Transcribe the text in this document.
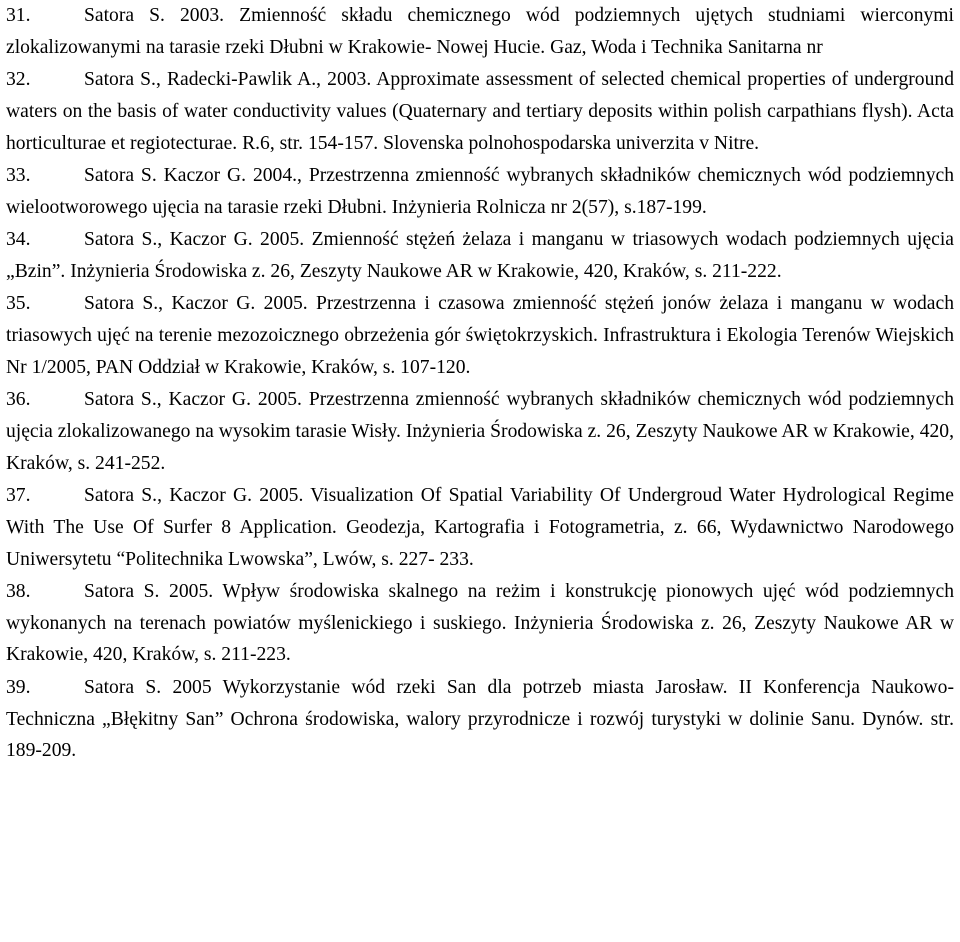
31.	Satora S. 2003. Zmienność składu chemicznego wód podziemnych ujętych studniami wierconymi zlokalizowanymi na tarasie rzeki Dłubni w Krakowie- Nowej Hucie. Gaz, Woda i Technika Sanitarna nr

32.	Satora S., Radecki-Pawlik A., 2003. Approximate assessment of selected chemical properties of underground waters on the basis of water conductivity values (Quaternary and tertiary deposits within polish carpathians flysh). Acta horticulturae et regiotecturae. R.6, str. 154-157. Slovenska polnohospodarska univerzita v Nitre.

33.	Satora S. Kaczor G. 2004., Przestrzenna zmienność wybranych składników chemicznych wód podziemnych wielootworowego ujęcia na tarasie rzeki Dłubni. Inżynieria Rolnicza nr 2(57), s.187-199.

34.	Satora S., Kaczor G. 2005. Zmienność stężeń żelaza i manganu w triasowych wodach podziemnych ujęcia „Bzin”. Inżynieria Środowiska z. 26, Zeszyty Naukowe AR w Krakowie, 420, Kraków, s. 211-222.

35.	Satora S., Kaczor G. 2005. Przestrzenna i czasowa zmienność stężeń jonów żelaza i manganu w wodach triasowych ujęć na terenie mezozoicznego obrzeżenia gór świętokrzyskich. Infrastruktura i Ekologia Terenów Wiejskich Nr 1/2005, PAN Oddział w Krakowie, Kraków, s. 107-120.

36.	Satora S., Kaczor G. 2005. Przestrzenna zmienność wybranych składników chemicznych wód podziemnych ujęcia zlokalizowanego na wysokim tarasie Wisły. Inżynieria Środowiska z. 26, Zeszyty Naukowe AR w Krakowie, 420, Kraków, s. 241-252.

37.	Satora S., Kaczor G. 2005. Visualization Of Spatial Variability Of Undergroud Water Hydrological Regime With The Use Of Surfer 8 Application. Geodezja, Kartografia i Fotogrametria, z. 66, Wydawnictwo Narodowego Uniwersytetu “Politechnika Lwowska”, Lwów, s. 227- 233.

38.	Satora S. 2005. Wpływ środowiska skalnego na reżim i konstrukcję pionowych ujęć wód podziemnych wykonanych na terenach powiatów myślenickiego i suskiego. Inżynieria Środowiska z. 26, Zeszyty Naukowe AR w Krakowie, 420, Kraków, s. 211-223.

39.	Satora S. 2005 Wykorzystanie wód rzeki San dla potrzeb miasta Jarosław. II Konferencja Naukowo-Techniczna „Błękitny San” Ochrona środowiska, walory przyrodnicze i rozwój turystyki w dolinie Sanu. Dynów. str. 189-209.
